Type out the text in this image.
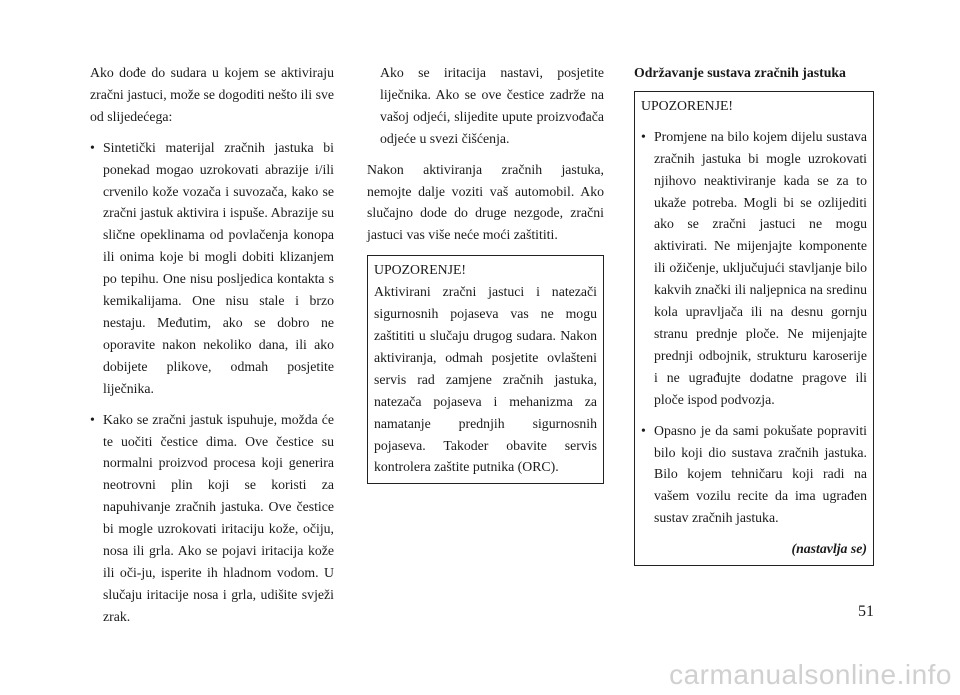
Ako dođe do sudara u kojem se aktiviraju zračni jastuci, može se dogoditi nešto ili sve od slijedećega:

• Sintetički materijal zračnih jastuka bi ponekad mogao uzrokovati abrazije i/ili crvenilo kože vozača i suvozača, kako se zračni jastuk aktivira i ispuše. Abrazije su slične opeklinama od povlačenja konopa ili onima koje bi mogli dobiti klizanjem po tepihu. One nisu posljedica kontakta s kemikalijama. One nisu stale i brzo nestaju. Međutim, ako se dobro ne oporavite nakon nekoliko dana, ili ako dobijete plikove, odmah posjetite liječnika.

• Kako se zračni jastuk ispuhuje, možda će te uočiti čestice dima. Ove čestice su normalni proizvod procesa koji generira neotrovni plin koji se koristi za napuhivanje zračnih jastuka. Ove čestice bi mogle uzrokovati iritaciju kože, očiju, nosa ili grla. Ako se pojavi iritacija kože ili oči-ju, isperite ih hladnom vodom. U slučaju iritacije nosa i grla, udišite svježi zrak.

Ako se iritacija nastavi, posjetite liječnika. Ako se ove čestice zadrže na vašoj odjeći, slijedite upute proizvođača odjeće u svezi čišćenja.

Nakon aktiviranja zračnih jastuka, nemojte dalje voziti vaš automobil. Ako slučajno dode do druge nezgode, zračni jastuci vas više neće moći zaštititi.

UPOZORENJE!

Aktivirani zračni jastuci i natezači sigurnosnih pojaseva vas ne mogu zaštititi u slučaju drugog sudara. Nakon aktiviranja, odmah posjetite ovlašteni servis rad zamjene zračnih jastuka, natezača pojaseva i mehanizma za namatanje prednjih sigurnosnih pojaseva. Takoder obavite servis kontrolera zaštite putnika (ORC).

Održavanje sustava zračnih jastuka

UPOZORENJE!

• Promjene na bilo kojem dijelu sustava zračnih jastuka bi mogle uzrokovati njihovo neaktiviranje kada se za to ukaže potreba. Mogli bi se ozlijediti ako se zračni jastuci ne mogu aktivirati. Ne mijenjajte komponente ili ožičenje, uključujući stavljanje bilo kakvih znački ili naljepnica na sredinu kola upravljača ili na desnu gornju stranu prednje ploče. Ne mijenjajte prednji odbojnik, strukturu karoserije i ne ugrađujte dodatne pragove ili ploče ispod podvozja.

• Opasno je da sami pokušate popraviti bilo koji dio sustava zračnih jastuka. Bilo kojem tehničaru koji radi na vašem vozilu recite da ima ugrađen sustav zračnih jastuka.

(nastavlja se)

51
carmanualsonline.info
